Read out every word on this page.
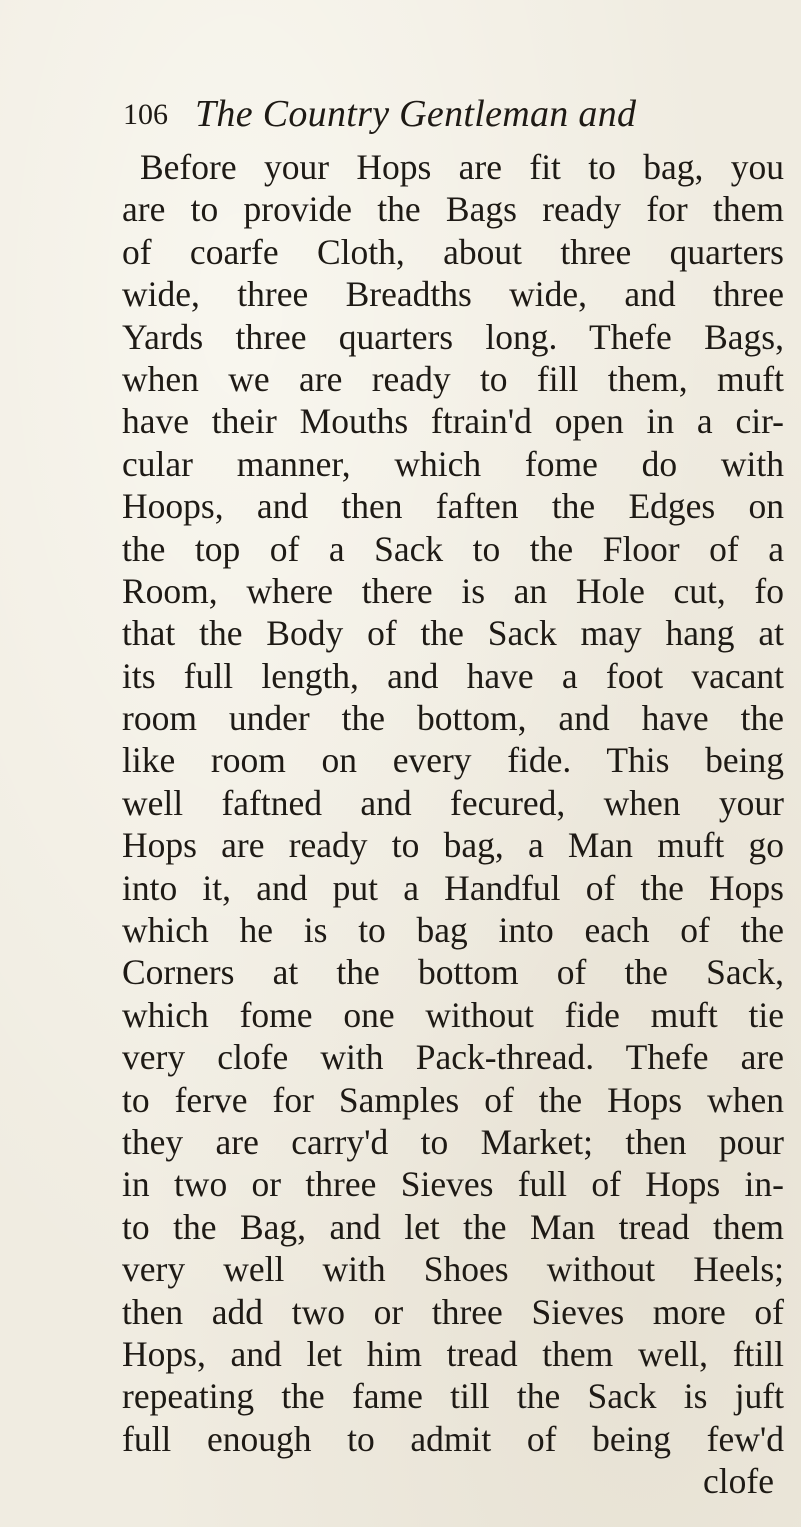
106 The Country Gentleman and
Before your Hops are fit to bag, you
are to provide the Bags ready for them
of coarfe Cloth, about three quarters
wide, three Breadths wide, and three
Yards three quarters long. Thefe Bags,
when we are ready to fill them, muft
have their Mouths ftrain'd open in a cir-
cular manner, which fome do with
Hoops, and then faften the Edges on
the top of a Sack to the Floor of a
Room, where there is an Hole cut, fo
that the Body of the Sack may hang at
its full length, and have a foot vacant
room under the bottom, and have the
like room on every fide. This being
well faftned and fecured, when your
Hops are ready to bag, a Man muft go
into it, and put a Handful of the Hops
which he is to bag into each of the
Corners at the bottom of the Sack,
which fome one without fide muft tie
very clofe with Pack-thread. Thefe are
to ferve for Samples of the Hops when
they are carry'd to Market; then pour
in two or three Sieves full of Hops in-
to the Bag, and let the Man tread them
very well with Shoes without Heels;
then add two or three Sieves more of
Hops, and let him tread them well, ftill
repeating the fame till the Sack is juft
full enough to admit of being few'd
clofe
